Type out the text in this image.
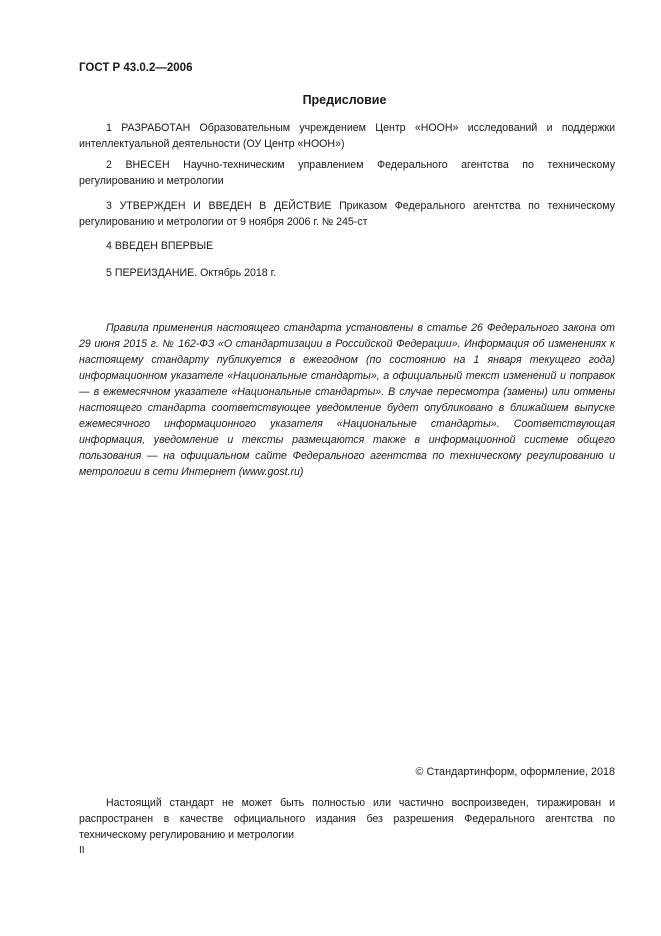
ГОСТ Р 43.0.2—2006
Предисловие
1 РАЗРАБОТАН Образовательным учреждением Центр «НООН» исследований и поддержки интеллектуальной деятельности (ОУ Центр «НООН»)
2 ВНЕСЕН Научно-техническим управлением Федерального агентства по техническому регулированию и метрологии
3 УТВЕРЖДЕН И ВВЕДЕН В ДЕЙСТВИЕ Приказом Федерального агентства по техническому регулированию и метрологии от 9 ноября 2006 г. № 245-ст
4 ВВЕДЕН ВПЕРВЫЕ
5 ПЕРЕИЗДАНИЕ. Октябрь 2018 г.
Правила применения настоящего стандарта установлены в статье 26 Федерального закона от 29 июня 2015 г. № 162-ФЗ «О стандартизации в Российской Федерации». Информация об изменениях к настоящему стандарту публикуется в ежегодном (по состоянию на 1 января текущего года) информационном указателе «Национальные стандарты», а официальный текст изменений и поправок — в ежемесячном указателе «Национальные стандарты». В случае пересмотра (замены) или отмены настоящего стандарта соответствующее уведомление будет опубликовано в ближайшем выпуске ежемесячного информационного указателя «Национальные стандарты». Соответствующая информация, уведомление и тексты размещаются также в информационной системе общего пользования — на официальном сайте Федерального агентства по техническому регулированию и метрологии в сети Интернет (www.gost.ru)
© Стандартинформ, оформление, 2018
Настоящий стандарт не может быть полностью или частично воспроизведен, тиражирован и распространен в качестве официального издания без разрешения Федерального агентства по техническому регулированию и метрологии
II
